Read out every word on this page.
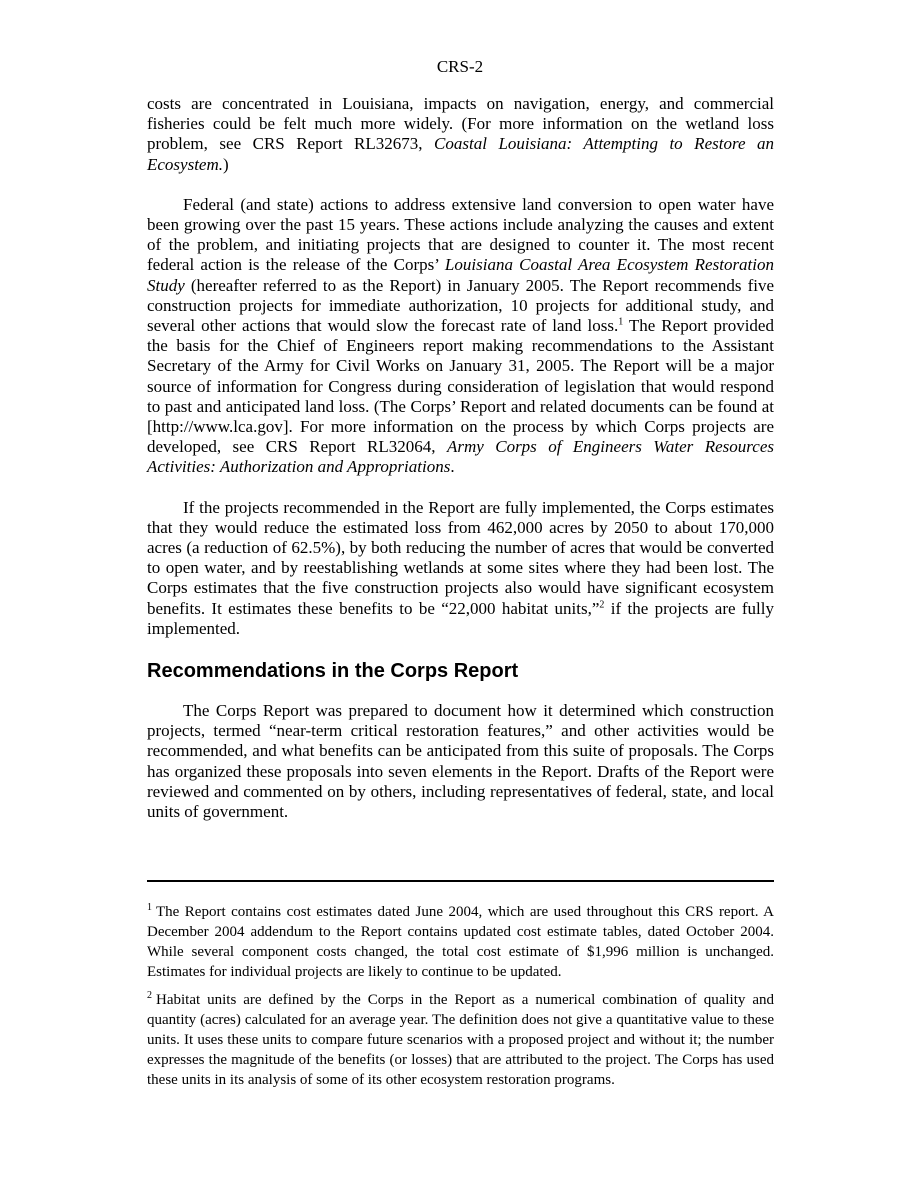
CRS-2

costs are concentrated in Louisiana, impacts on navigation, energy, and commercial fisheries could be felt much more widely. (For more information on the wetland loss problem, see CRS Report RL32673, Coastal Louisiana: Attempting to Restore an Ecosystem.)

Federal (and state) actions to address extensive land conversion to open water have been growing over the past 15 years. These actions include analyzing the causes and extent of the problem, and initiating projects that are designed to counter it. The most recent federal action is the release of the Corps’ Louisiana Coastal Area Ecosystem Restoration Study (hereafter referred to as the Report) in January 2005. The Report recommends five construction projects for immediate authorization, 10 projects for additional study, and several other actions that would slow the forecast rate of land loss.$^1$ The Report provided the basis for the Chief of Engineers report making recommendations to the Assistant Secretary of the Army for Civil Works on January 31, 2005. The Report will be a major source of information for Congress during consideration of legislation that would respond to past and anticipated land loss. (The Corps’ Report and related documents can be found at [http://www.lca.gov]. For more information on the process by which Corps projects are developed, see CRS Report RL32064, Army Corps of Engineers Water Resources Activities: Authorization and Appropriations.

If the projects recommended in the Report are fully implemented, the Corps estimates that they would reduce the estimated loss from 462,000 acres by 2050 to about 170,000 acres (a reduction of 62.5%), by both reducing the number of acres that would be converted to open water, and by reestablishing wetlands at some sites where they had been lost. The Corps estimates that the five construction projects also would have significant ecosystem benefits. It estimates these benefits to be “22,000 habitat units,”$^2$ if the projects are fully implemented.

Recommendations in the Corps Report

The Corps Report was prepared to document how it determined which construction projects, termed “near-term critical restoration features,” and other activities would be recommended, and what benefits can be anticipated from this suite of proposals. The Corps has organized these proposals into seven elements in the Report. Drafts of the Report were reviewed and commented on by others, including representatives of federal, state, and local units of government.

$^1$ The Report contains cost estimates dated June 2004, which are used throughout this CRS report. A December 2004 addendum to the Report contains updated cost estimate tables, dated October 2004. While several component costs changed, the total cost estimate of $1,996 million is unchanged. Estimates for individual projects are likely to continue to be updated.

$^2$ Habitat units are defined by the Corps in the Report as a numerical combination of quality and quantity (acres) calculated for an average year. The definition does not give a quantitative value to these units. It uses these units to compare future scenarios with a proposed project and without it; the number expresses the magnitude of the benefits (or losses) that are attributed to the project. The Corps has used these units in its analysis of some of its other ecosystem restoration programs.
